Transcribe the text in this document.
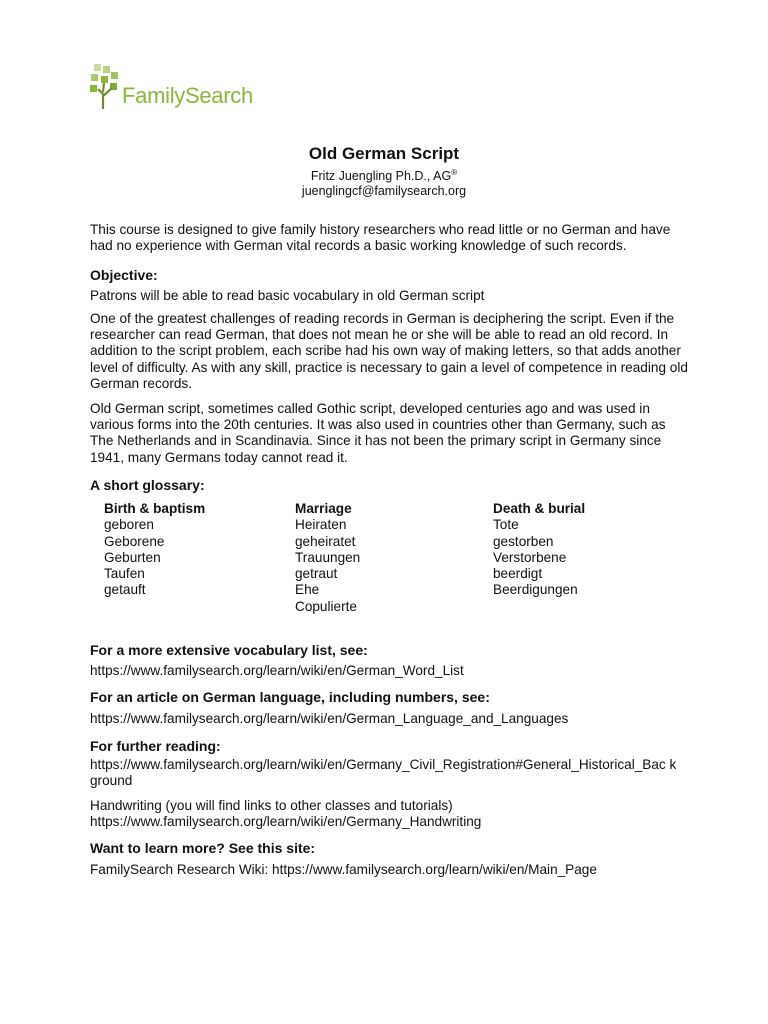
FamilySearch
Old German Script

Fritz Juengling Ph.D., AG®

juenglingcf@familysearch.org

This course is designed to give family history researchers who read little or no German and have had no experience with German vital records a basic working knowledge of such records.

Objective:

Patrons will be able to read basic vocabulary in old German script

One of the greatest challenges of reading records in German is deciphering the script. Even if the researcher can read German, that does not mean he or she will be able to read an old record. In addition to the script problem, each scribe had his own way of making letters, so that adds another level of difficulty. As with any skill, practice is necessary to gain a level of competence in reading old German records.

Old German script, sometimes called Gothic script, developed centuries ago and was used in various forms into the 20th centuries. It was also used in countries other than Germany, such as The Netherlands and in Scandinavia. Since it has not been the primary script in Germany since 1941, many Germans today cannot read it.

A short glossary:

Birth & baptism
geboren
Geborene
Geburten
Taufen
getauft
Marriage
Heiraten
geheiratet
Trauungen
getraut
Ehe
Copulierte
Death & burial
Tote
gestorben
Verstorbene
beerdigt
Beerdigungen

For a more extensive vocabulary list, see:

https://www.familysearch.org/learn/wiki/en/German_Word_List

For an article on German language, including numbers, see:

https://www.familysearch.org/learn/wiki/en/German_Language_and_Languages

For further reading:

https://www.familysearch.org/learn/wiki/en/Germany_Civil_Registration#General_Historical_Bac kground

Handwriting (you will find links to other classes and tutorials)

https://www.familysearch.org/learn/wiki/en/Germany_Handwriting

Want to learn more? See this site:

FamilySearch Research Wiki: https://www.familysearch.org/learn/wiki/en/Main_Page
